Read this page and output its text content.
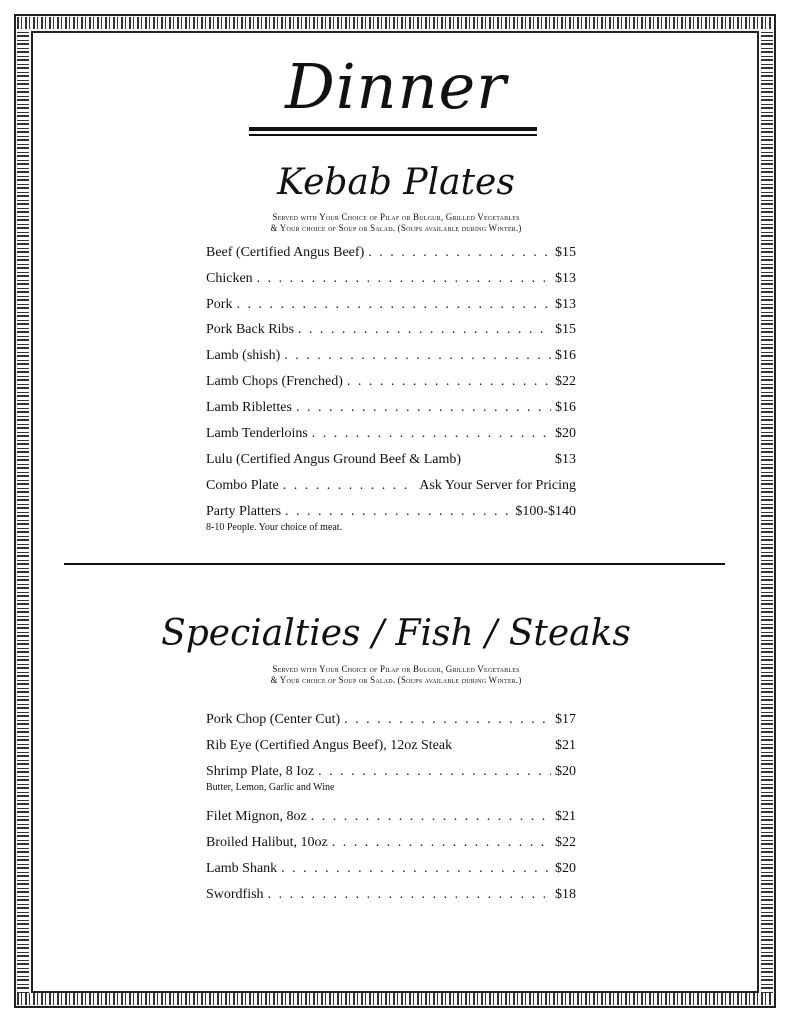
Dinner
Kebab Plates
Served with Your Choice of Pilaf or Bulgur, Grilled Vegetables
& Your choice of Soup or Salad. (Soups available during Winter.)
Beef (Certified Angus Beef) . . .	$15
Chicken . . .	$13
Pork . . .	$13
Pork Back Ribs . . .	$15
Lamb (shish) . . .	$16
Lamb Chops (Frenched) . . .	$22
Lamb Riblettes . . .	$16
Lamb Tenderloins . . .	$20
Lulu (Certified Angus Ground Beef & Lamb)	$13
Combo Plate . . .	Ask Your Server for Pricing
Party Platters . . .	$100-$140
8-10 People. Your choice of meat.
Specialties / Fish / Steaks
Served with Your Choice of Pilaf or Bulgur, Grilled Vegetables
& Your choice of Soup or Salad. (Soups available during Winter.)
Pork Chop (Center Cut) . . .	$17
Rib Eye (Certified Angus Beef), 12oz Steak	$21
Shrimp Plate, 8 Ioz . . .	$20
Butter, Lemon, Garlic and Wine
Filet Mignon, 8oz . . .	$21
Broiled Halibut, 10oz . . .	$22
Lamb Shank . . .	$20
Swordfish . . .	$18
